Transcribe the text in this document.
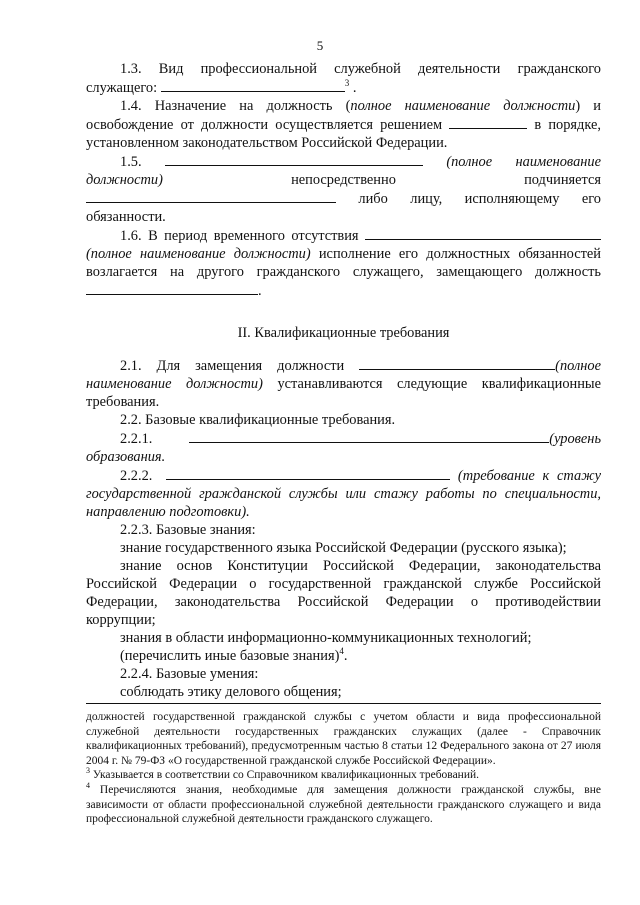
5

1.3. Вид профессиональной служебной деятельности гражданского служащего:	$^3$ .

1.4. Назначение на должность (полное наименование должности) и освобождение от должности осуществляется решением	в порядке, установленном законодательством Российской Федерации.

1.5.	(полное наименование должности) непосредственно подчиняется  либо лицу, исполняющему его обязанности.

1.6. В период временного отсутствия  (полное наименование должности) исполнение его должностных обязанностей возлагается на другого гражданского служащего, замещающего должность .

II. Квалификационные требования

2.1. Для замещения должности	(полное наименование должности) устанавливаются следующие квалификационные требования.

2.2. Базовые квалификационные требования.

2.2.1.	(уровень образования.

2.2.2.	(требование к стажу государственной гражданской службы или стажу работы по специальности, направлению подготовки).

2.2.3. Базовые знания:

знание государственного языка Российской Федерации (русского языка);

знание основ Конституции Российской Федерации, законодательства Российской Федерации о государственной гражданской службе Российской Федерации, законодательства Российской Федерации о противодействии коррупции;

знания в области информационно-коммуникационных технологий;

(перечислить иные базовые знания)$^4$.

2.2.4. Базовые умения:

соблюдать этику делового общения;

должностей государственной гражданской службы с учетом области и вида профессиональной служебной деятельности государственных гражданских служащих (далее - Справочник квалификационных требований), предусмотренным частью 8 статьи 12 Федерального закона от 27 июля 2004 г. № 79-ФЗ «О государственной гражданской службе Российской Федерации».

$^3$ Указывается в соответствии со Справочником квалификационных требований.

$^4$ Перечисляются знания, необходимые для замещения должности гражданской службы, вне зависимости от области профессиональной служебной деятельности гражданского служащего и вида профессиональной служебной деятельности гражданского служащего.
